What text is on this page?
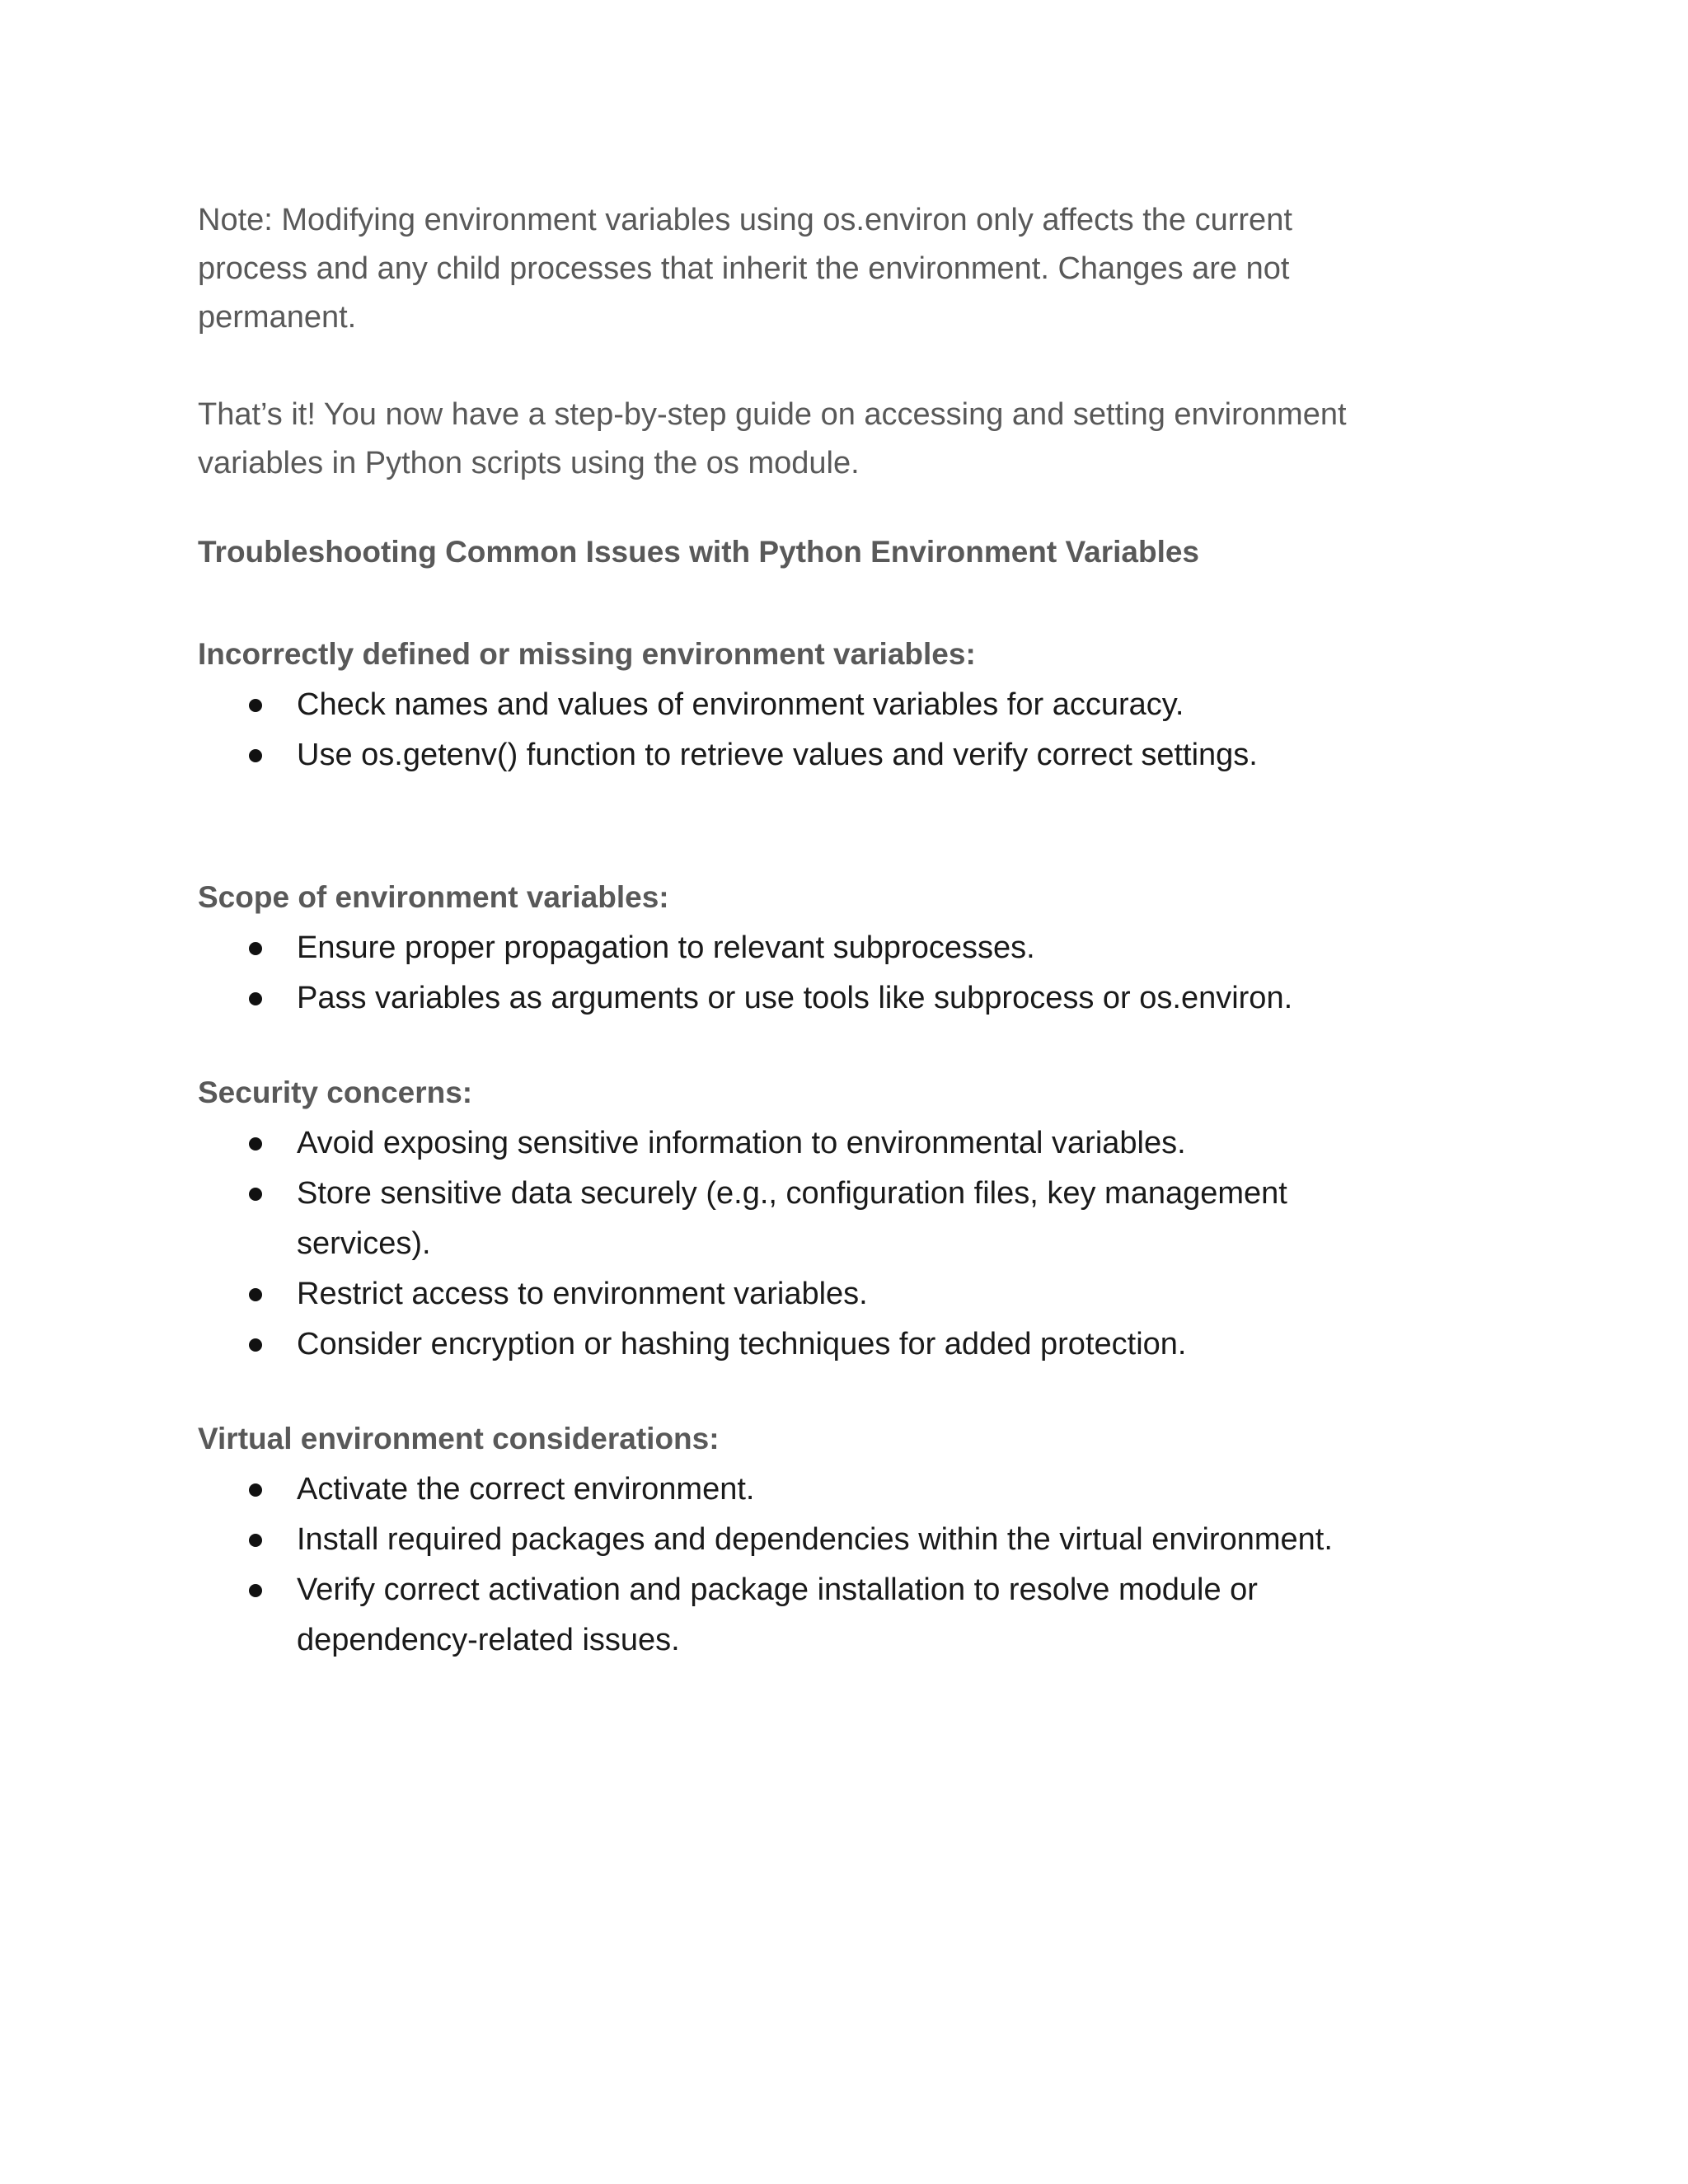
Note: Modifying environment variables using os.environ only affects the current
process and any child processes that inherit the environment. Changes are not
permanent.

That’s it! You now have a step-by-step guide on accessing and setting environment
variables in Python scripts using the os module.

Troubleshooting Common Issues with Python Environment Variables
Incorrectly defined or missing environment variables:
Check names and values of environment variables for accuracy.
Use os.getenv() function to retrieve values and verify correct settings.
Scope of environment variables:
Ensure proper propagation to relevant subprocesses.
Pass variables as arguments or use tools like subprocess or os.environ.
Security concerns:
Avoid exposing sensitive information to environmental variables.
Store sensitive data securely (e.g., configuration files, key management
services).
Restrict access to environment variables.
Consider encryption or hashing techniques for added protection.
Virtual environment considerations:
Activate the correct environment.
Install required packages and dependencies within the virtual environment.
Verify correct activation and package installation to resolve module or
dependency-related issues.
